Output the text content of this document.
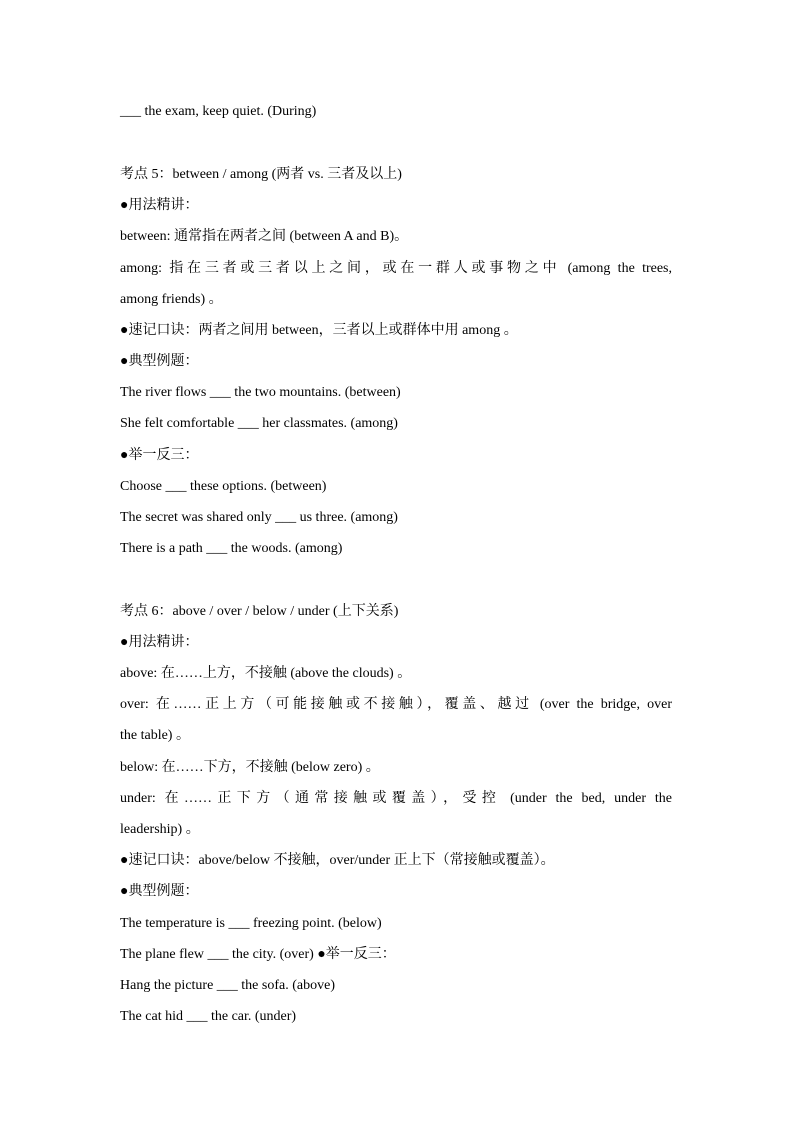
___ the exam, keep quiet. (During)
考点 5：between / among (两者 vs. 三者及以上)
●用法精讲：
between: 通常指在两者之间 (between A and B)。
among: 指在三者或三者以上之间，或在一群人或事物之中 (among the trees,
among friends) 。
●速记口诀：两者之间用 between，三者以上或群体中用 among 。
●典型例题：
The river flows ___ the two mountains. (between)
She felt comfortable ___ her classmates. (among)
●举一反三：
Choose ___ these options. (between)
The secret was shared only ___ us three. (among)
There is a path ___ the woods. (among)
考点 6：above / over / below / under (上下关系)
●用法精讲：
above: 在……上方，不接触 (above the clouds) 。
over: 在……正上方（可能接触或不接触），覆盖、越过 (over the bridge, over
the table) 。
below: 在……下方，不接触 (below zero) 。
under: 在……正下方（通常接触或覆盖），受控 (under the bed, under the
leadership) 。
●速记口诀：above/below 不接触，over/under 正上下（常接触或覆盖）。
●典型例题：
The temperature is ___ freezing point. (below)
The plane flew ___ the city. (over) ●举一反三：
Hang the picture ___ the sofa. (above)
The cat hid ___ the car. (under)
